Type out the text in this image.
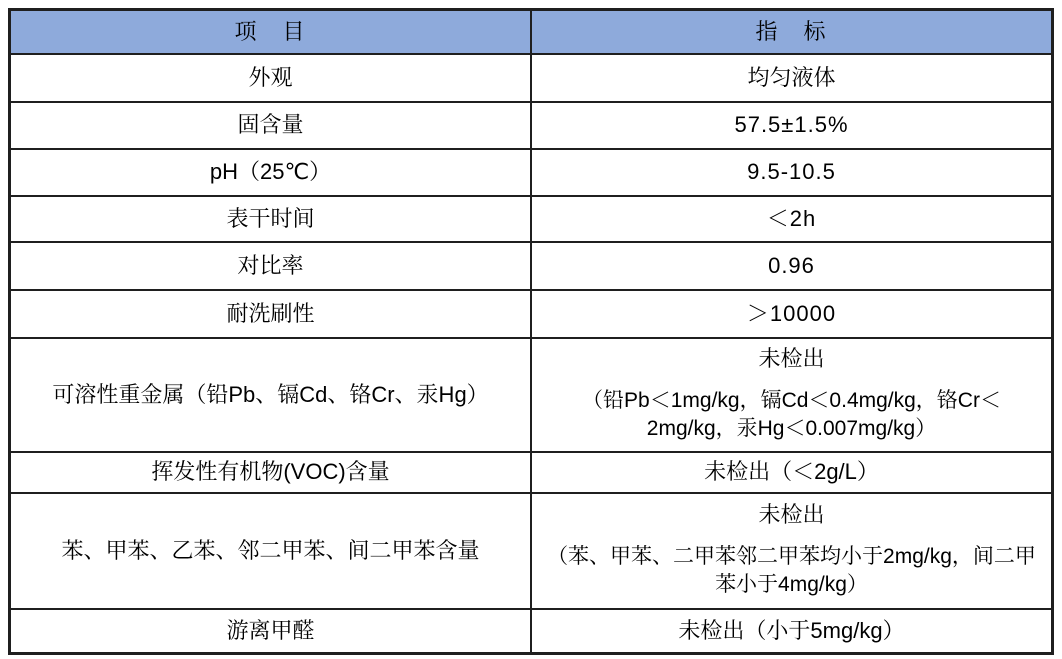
项　目	指　标
外观	均匀液体
固含量	57.5±1.5%
pH（25℃）	9.5-10.5
表干时间	＜2h
对比率	0.96
耐洗刷性	＞10000
可溶性重金属（铅Pb、镉Cd、铬Cr、汞Hg）	未检出
（铅Pb＜1mg/kg，镉Cd＜0.4mg/kg，铬Cr＜2mg/kg，汞Hg＜0.007mg/kg）

挥发性有机物(VOC)含量	未检出（＜2g/L）
苯、甲苯、乙苯、邻二甲苯、间二甲苯含量	未检出
（苯、甲苯、二甲苯邻二甲苯均小于2mg/kg，间二甲苯小于4mg/kg）

游离甲醛	未检出（小于5mg/kg）
